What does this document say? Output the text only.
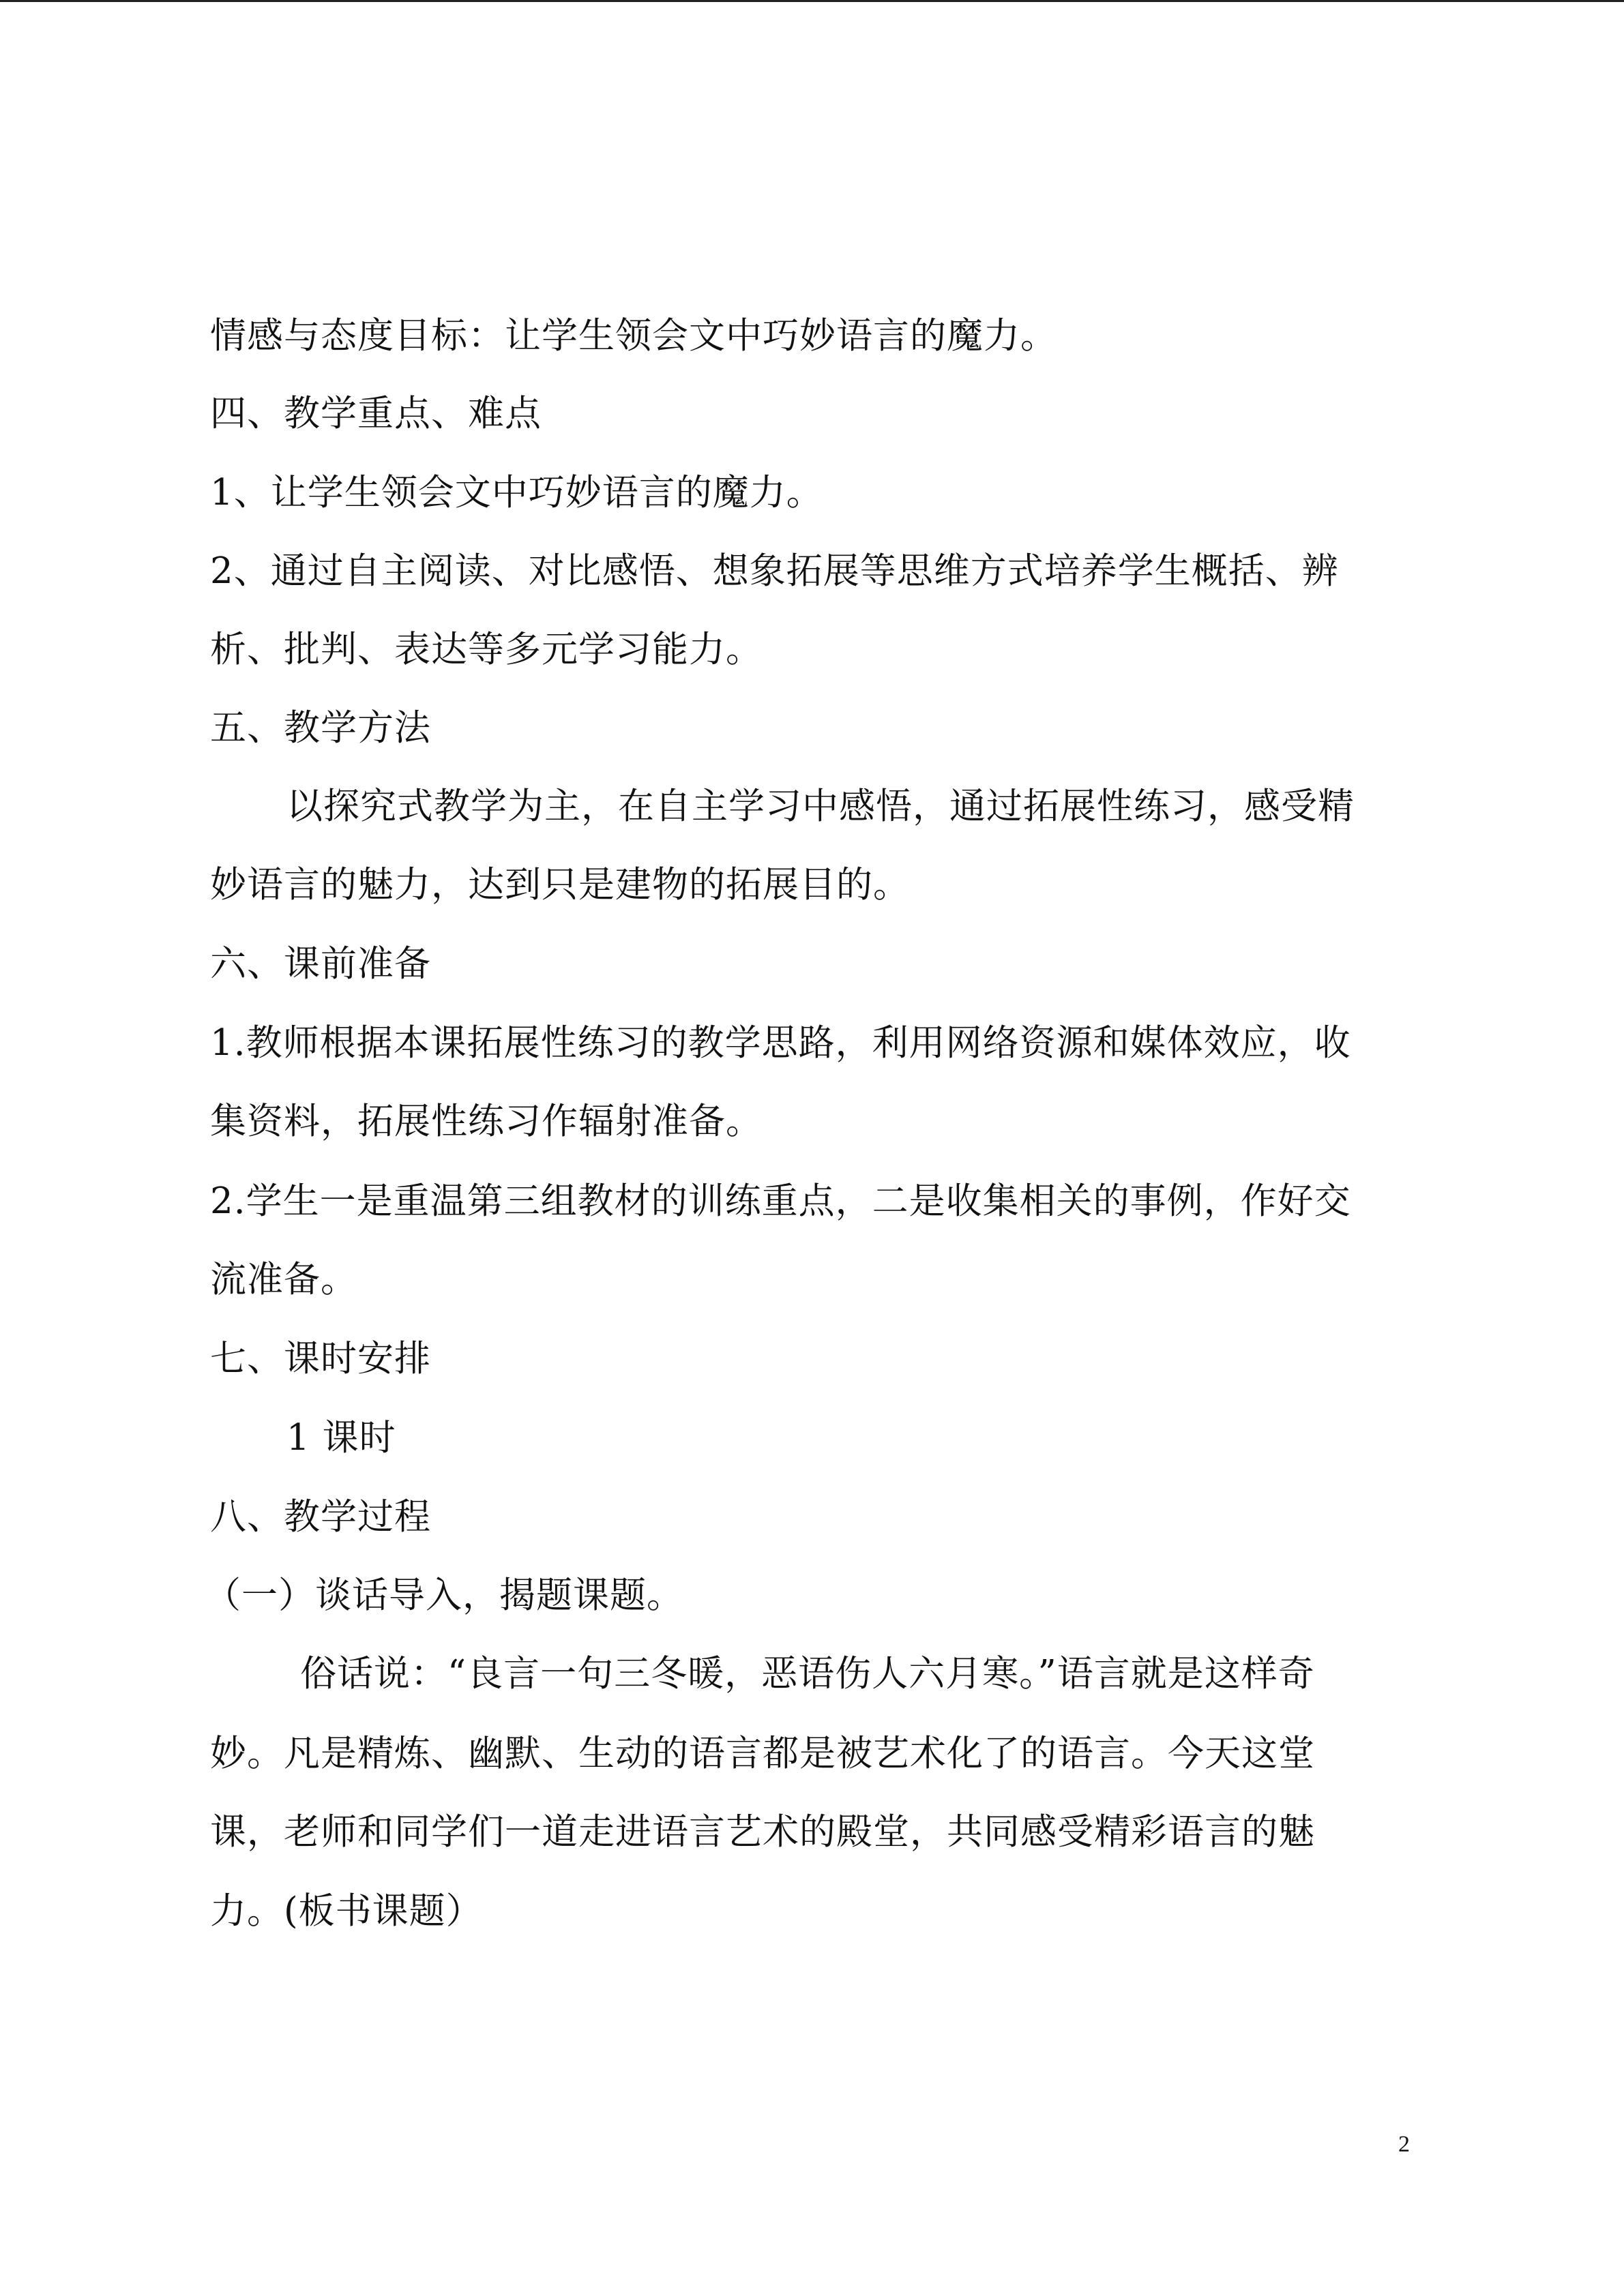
情感与态度目标：让学生领会文中巧妙语言的魔力。
四、教学重点、难点
1、让学生领会文中巧妙语言的魔力。
2、通过自主阅读、对比感悟、想象拓展等思维方式培养学生概括、辨
析、批判、表达等多元学习能力。
五、教学方法
以探究式教学为主，在自主学习中感悟，通过拓展性练习，感受精
妙语言的魅力，达到只是建物的拓展目的。
六、课前准备
1.教师根据本课拓展性练习的教学思路，利用网络资源和媒体效应，收
集资料，拓展性练习作辐射准备。
2.学生一是重温第三组教材的训练重点，二是收集相关的事例，作好交
流准备。
七、课时安排
1 课时
八、教学过程
（一）谈话导入，揭题课题。
俗话说：“良言一句三冬暖，恶语伤人六月寒。”语言就是这样奇
妙。凡是精炼、幽默、生动的语言都是被艺术化了的语言。今天这堂
课，老师和同学们一道走进语言艺术的殿堂，共同感受精彩语言的魅
力。(板书课题）
2
